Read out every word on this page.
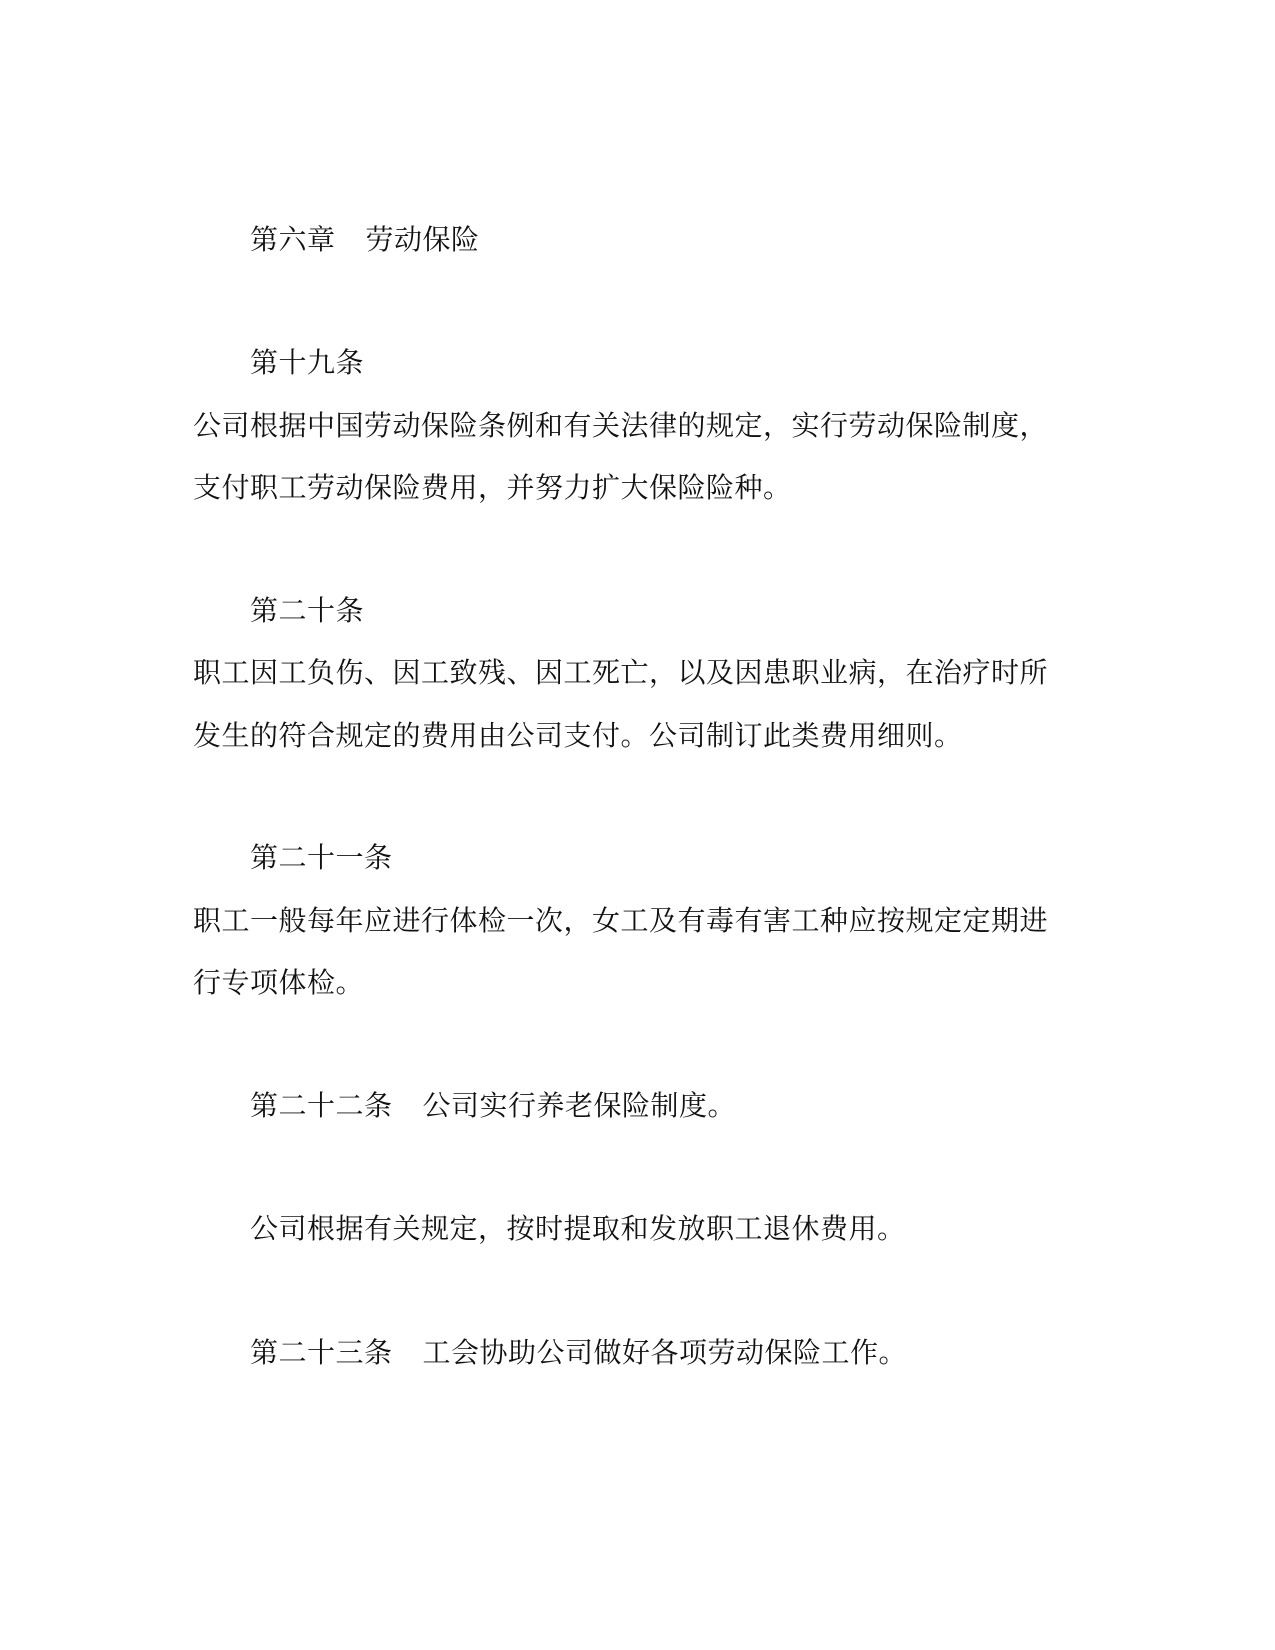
第六章 劳动保险
第十九条
公司根据中国劳动保险条例和有关法律的规定，实行劳动保险制度，
支付职工劳动保险费用，并努力扩大保险险种。
第二十条
职工因工负伤、因工致残、因工死亡，以及因患职业病，在治疗时所
发生的符合规定的费用由公司支付。公司制订此类费用细则。
第二十一条
职工一般每年应进行体检一次，女工及有毒有害工种应按规定定期进
行专项体检。
第二十二条 公司实行养老保险制度。
公司根据有关规定，按时提取和发放职工退休费用。
第二十三条 工会协助公司做好各项劳动保险工作。
